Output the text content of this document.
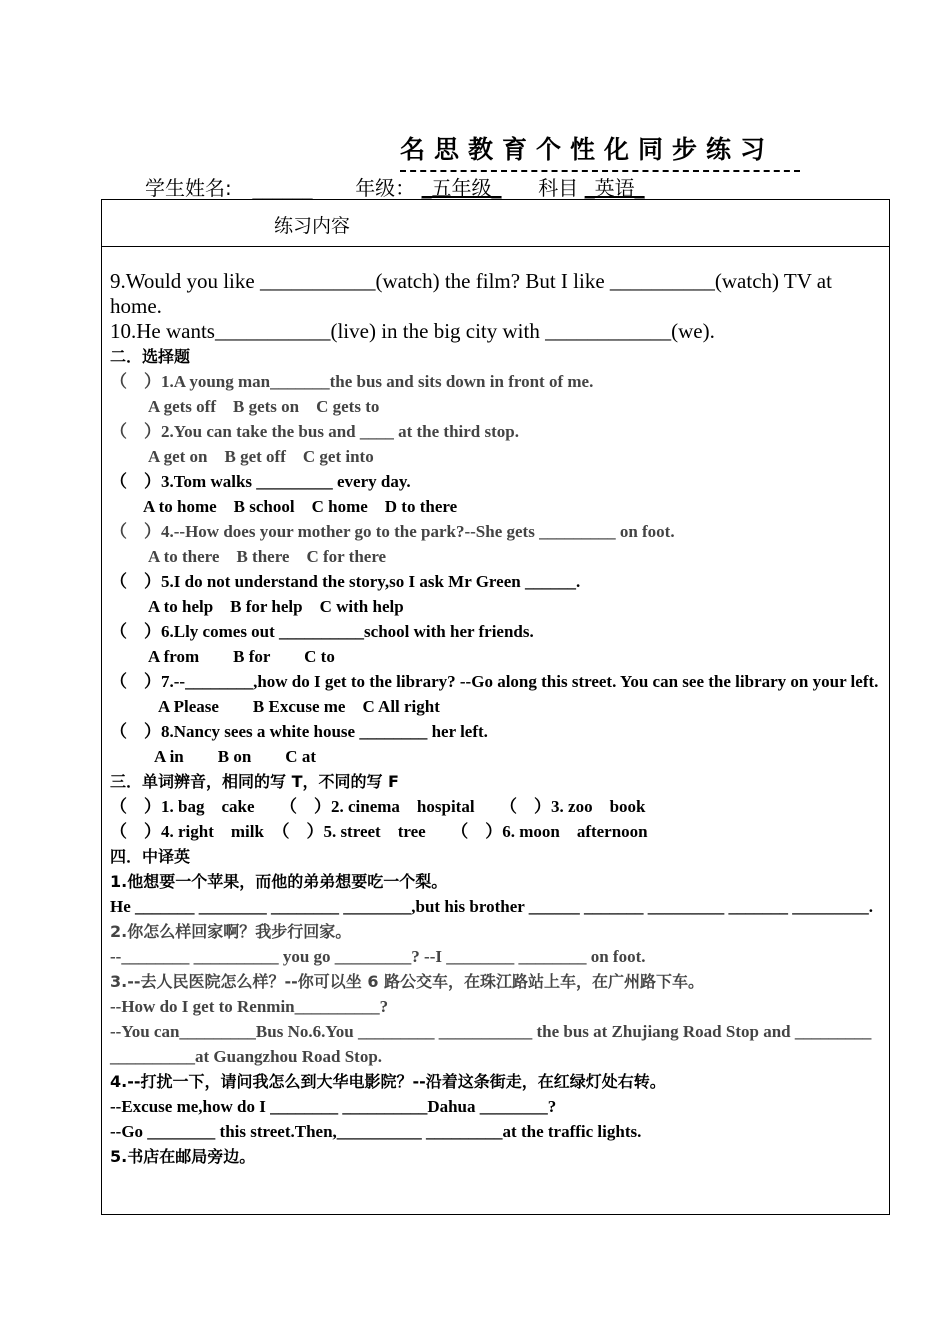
名思教育个性化同步练习
学生姓名: ______ 年级： _五年级_ 科目 _英语_
练习内容
9.Would you like ___________(watch) the film? But I like __________(watch) TV at home.
10.He wants___________(live) in the big city with ____________(we).
二．选择题
（　）1.A young man_______the bus and sits down in front of me.
A gets off　B gets on　C gets to
（　）2.You can take the bus and ____ at the third stop.
A get on　B get off　C get into
（　）3.Tom walks _________ every day.
A to home　B school　C home　D to there
（　）4.--How does your mother go to the park?--She gets _________ on foot.
A to there　B there　C for there
（　）5.I do not understand the story,so I ask Mr Green ______.
A to help　B for help　C with help
（　）6.Lly comes out __________school with her friends.
A from　　B for　　C to
（　）7.--________,how do I get to the library? --Go along this street. You can see the library on your left.
A Please　　B Excuse me　C All right
（　）8.Nancy sees a white house ________ her left.
A in　　B on　　C at
三．单词辨音，相同的写 T，不同的写 F
（　）1. bag　cake　　（　）2. cinema　hospital　　（　）3. zoo　book
（　）4. right　milk　（　）5. street　tree　　（　）6. moon　afternoon
四．中译英
1.他想要一个苹果，而他的弟弟想要吃一个梨。
He _______ ________ ________ ________,but his brother ______ _______ _________ _______ _________.
2.你怎么样回家啊？我步行回家。
--________ __________ you go _________? --I ________ ________ on foot.
3.--去人民医院怎么样？--你可以坐 6 路公交车，在珠江路站上车，在广州路下车。
--How do I get to Renmin__________?
--You can_________Bus No.6.You _________ ___________ the bus at Zhujiang Road Stop and _________ __________at Guangzhou Road Stop.
4.--打扰一下，请问我怎么到大华电影院？--沿着这条街走，在红绿灯处右转。
--Excuse me,how do I ________ __________Dahua ________?
--Go ________ this street.Then,__________ _________at the traffic lights.
5.书店在邮局旁边。
